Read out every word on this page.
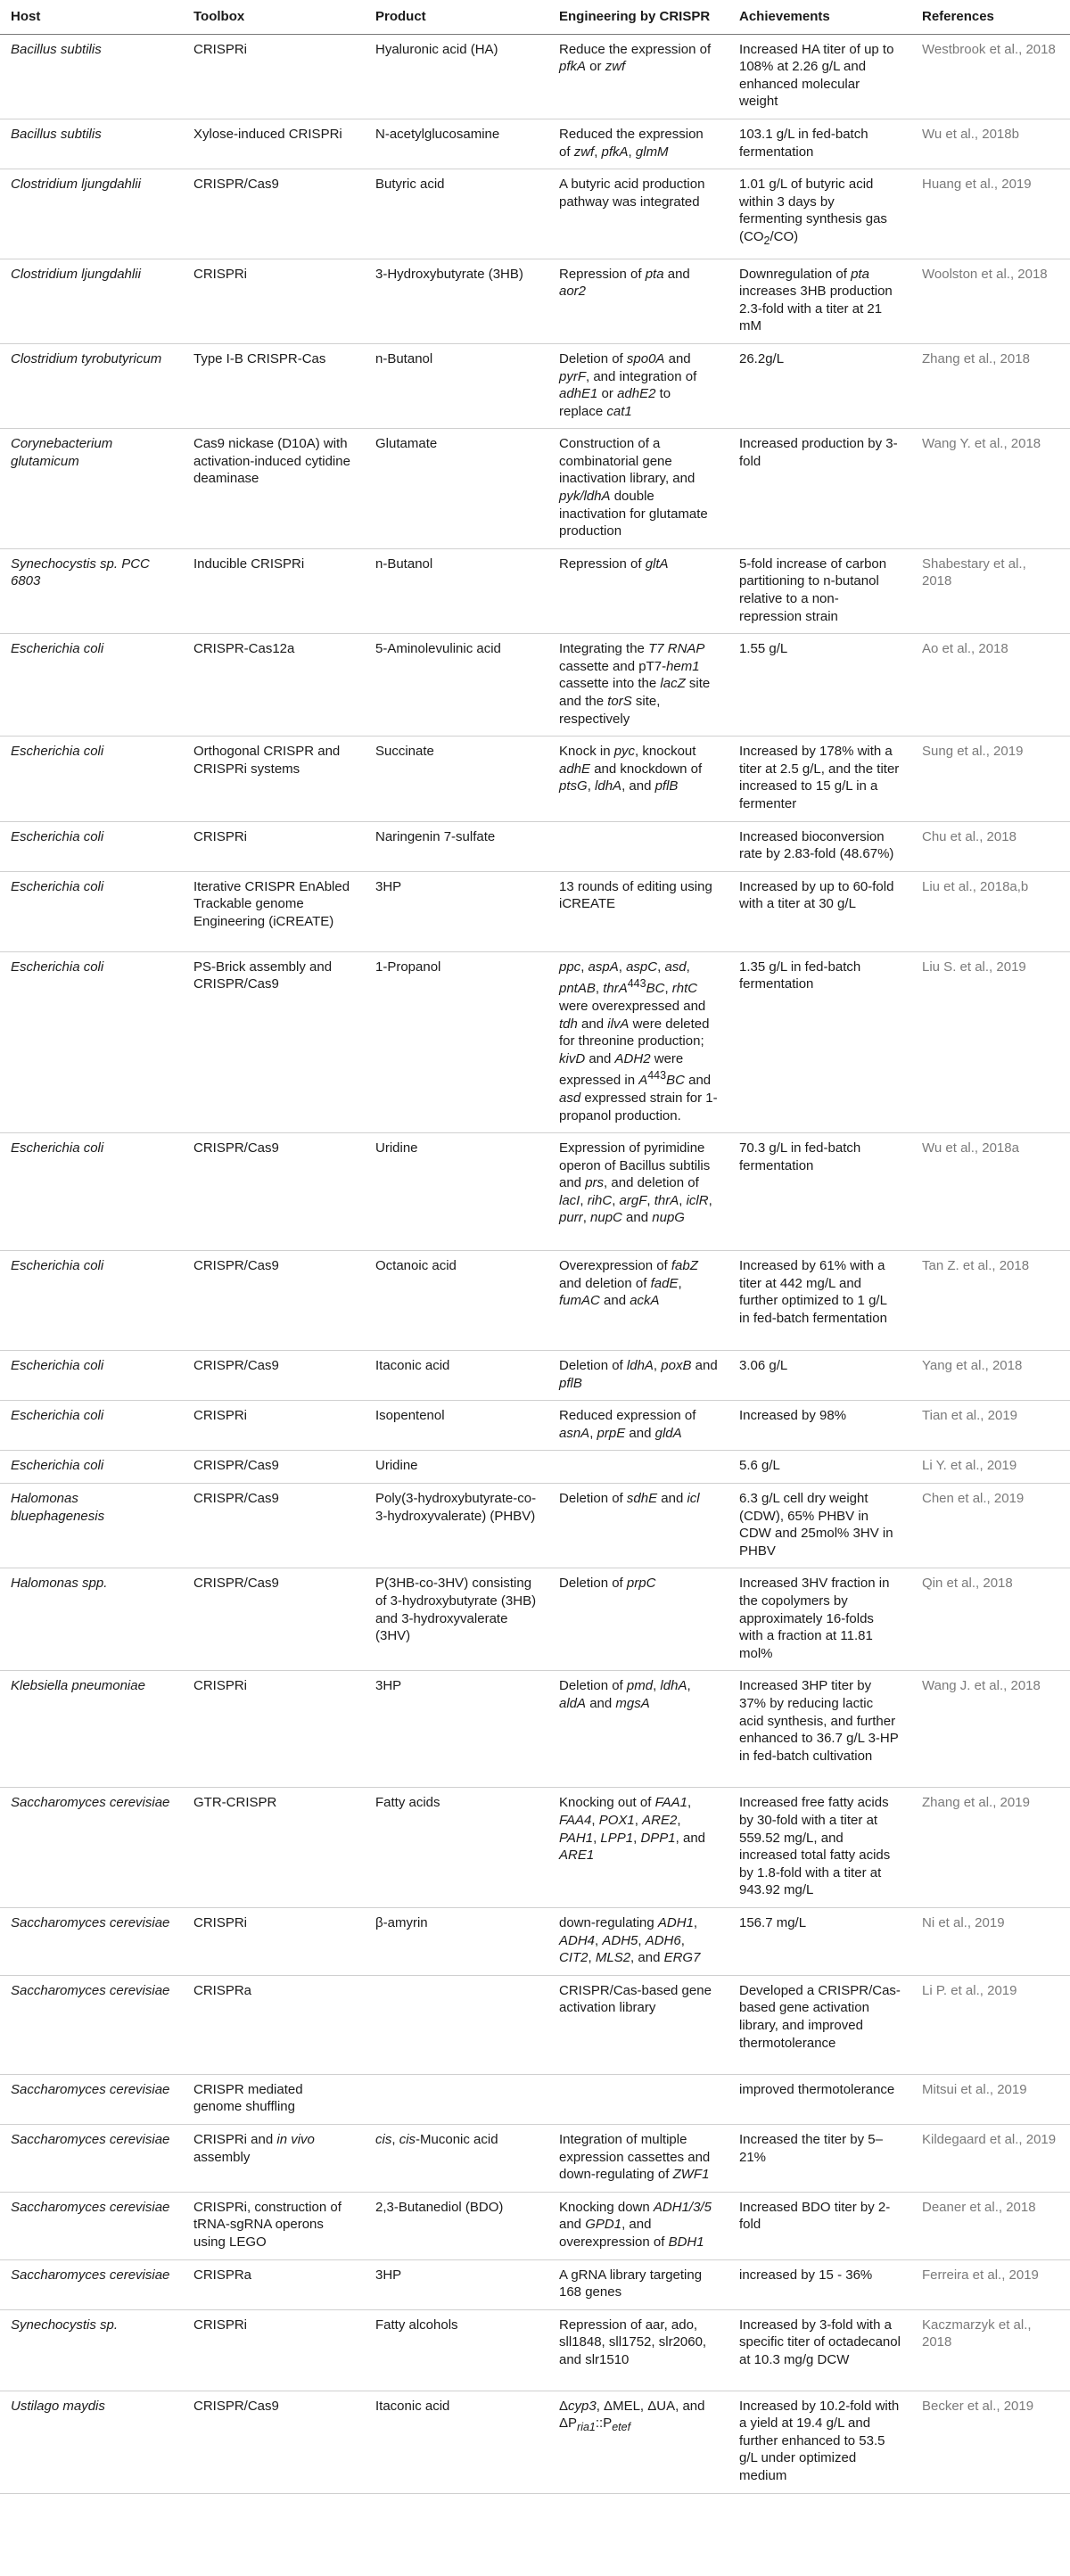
Host	Toolbox	Product	Engineering by CRISPR	Achievements	References
Bacillus subtilis	CRISPRi	Hyaluronic acid (HA)	Reduce the expression of pfkA or zwf	Increased HA titer of up to 108% at 2.26 g/L and enhanced molecular weight	Westbrook et al., 2018
Bacillus subtilis	Xylose-induced CRISPRi	N-acetylglucosamine	Reduced the expression of zwf, pfkA, glmM	103.1 g/L in fed-batch fermentation	Wu et al., 2018b
Clostridium ljungdahlii	CRISPR/Cas9	Butyric acid	A butyric acid production pathway was integrated	1.01 g/L of butyric acid within 3 days by fermenting synthesis gas $(CO_2/CO)$	Huang et al., 2019
Clostridium ljungdahlii	CRISPRi	3-Hydroxybutyrate (3HB)	Repression of pta and aor2	Downregulation of pta increases 3HB production 2.3-fold with a titer at 21 mM	Woolston et al., 2018
Clostridium tyrobutyricum	Type I-B CRISPR-Cas	n-Butanol	Deletion of spo0A and pyrF, and integration of adhE1 or adhE2 to replace cat1	26.2g/L	Zhang et al., 2018
Corynebacterium glutamicum	Cas9 nickase (D10A) with activation-induced cytidine deaminase	Glutamate	Construction of a combinatorial gene inactivation library, and pyk/ldhA double inactivation for glutamate production	Increased production by 3-fold	Wang Y. et al., 2018
Synechocystis sp. PCC 6803	Inducible CRISPRi	n-Butanol	Repression of gltA	5-fold increase of carbon partitioning to n-butanol relative to a non-repression strain	Shabestary et al., 2018
Escherichia coli	CRISPR-Cas12a	5-Aminolevulinic acid	Integrating the T7 RNAP cassette and pT7-hem1 cassette into the lacZ site and the torS site, respectively	1.55 g/L	Ao et al., 2018
Escherichia coli	Orthogonal CRISPR and CRISPRi systems	Succinate	Knock in pyc, knockout adhE and knockdown of ptsG, ldhA, and pflB	Increased by 178% with a titer at 2.5 g/L, and the titer increased to 15 g/L in a fermenter	Sung et al., 2019
Escherichia coli	CRISPRi	Naringenin 7-sulfate		Increased bioconversion rate by 2.83-fold (48.67%)	Chu et al., 2018
Escherichia coli	Iterative CRISPR EnAbled Trackable genome Engineering (iCREATE)	3HP	13 rounds of editing using iCREATE	Increased by up to 60-fold with a titer at 30 g/L	Liu et al., 2018a,b
Escherichia coli	PS-Brick assembly and CRISPR/Cas9	1-Propanol	ppc, aspA, aspC, asd, pntAB, thrA$^{443}$BC, rhtC were overexpressed and tdh and ilvA were deleted for threonine production; kivD and ADH2 were expressed in $A^{443}BC$ and asd expressed strain for 1-propanol production.	1.35 g/L in fed-batch fermentation	Liu S. et al., 2019
Escherichia coli	CRISPR/Cas9	Uridine	Expression of pyrimidine operon of Bacillus subtilis and prs, and deletion of lacI, rihC, argF, thrA, iclR, purr, nupC and nupG	70.3 g/L in fed-batch fermentation	Wu et al., 2018a
Escherichia coli	CRISPR/Cas9	Octanoic acid	Overexpression of fabZ and deletion of fadE, fumAC and ackA	Increased by 61% with a titer at 442 mg/L and further optimized to 1 g/L in fed-batch fermentation	Tan Z. et al., 2018
Escherichia coli	CRISPR/Cas9	Itaconic acid	Deletion of ldhA, poxB and pflB	3.06 g/L	Yang et al., 2018
Escherichia coli	CRISPRi	Isopentenol	Reduced expression of asnA, prpE and gldA	Increased by 98%	Tian et al., 2019
Escherichia coli	CRISPR/Cas9	Uridine		5.6 g/L	Li Y. et al., 2019
Halomonas bluephagenesis	CRISPR/Cas9	Poly(3-hydroxybutyrate-co-3-hydroxyvalerate) (PHBV)	Deletion of sdhE and icl	6.3 g/L cell dry weight (CDW), 65% PHBV in CDW and 25mol% 3HV in PHBV	Chen et al., 2019
Halomonas spp.	CRISPR/Cas9	P(3HB-co-3HV) consisting of 3-hydroxybutyrate (3HB) and 3-hydroxyvalerate (3HV)	Deletion of prpC	Increased 3HV fraction in the copolymers by approximately 16-folds with a fraction at 11.81 mol%	Qin et al., 2018
Klebsiella pneumoniae	CRISPRi	3HP	Deletion of pmd, ldhA, aldA and mgsA	Increased 3HP titer by 37% by reducing lactic acid synthesis, and further enhanced to 36.7 g/L 3-HP in fed-batch cultivation	Wang J. et al., 2018
Saccharomyces cerevisiae	GTR-CRISPR	Fatty acids	Knocking out of FAA1, FAA4, POX1, ARE2, PAH1, LPP1, DPP1, and ARE1	Increased free fatty acids by 30-fold with a titer at 559.52 mg/L, and increased total fatty acids by 1.8-fold with a titer at 943.92 mg/L	Zhang et al., 2019
Saccharomyces cerevisiae	CRISPRi	β-amyrin	down-regulating ADH1, ADH4, ADH5, ADH6, CIT2, MLS2, and ERG7	156.7 mg/L	Ni et al., 2019
Saccharomyces cerevisiae	CRISPRa		CRISPR/Cas-based gene activation library	Developed a CRISPR/Cas-based gene activation library, and improved thermotolerance	Li P. et al., 2019
Saccharomyces cerevisiae	CRISPR mediated genome shuffling			improved thermotolerance	Mitsui et al., 2019
Saccharomyces cerevisiae	CRISPRi and in vivo assembly	cis, cis-Muconic acid	Integration of multiple expression cassettes and down-regulating of ZWF1	Increased the titer by 5–21%	Kildegaard et al., 2019
Saccharomyces cerevisiae	CRISPRi, construction of tRNA-sgRNA operons using LEGO	2,3-Butanediol (BDO)	Knocking down ADH1/3/5 and GPD1, and overexpression of BDH1	Increased BDO titer by 2-fold	Deaner et al., 2018
Saccharomyces cerevisiae	CRISPRa	3HP	A gRNA library targeting 168 genes	increased by 15 - 36%	Ferreira et al., 2019
Synechocystis sp.	CRISPRi	Fatty alcohols	Repression of aar, ado, sll1848, sll1752, slr2060, and slr1510	Increased by 3-fold with a specific titer of octadecanol at 10.3 mg/g DCW	Kaczmarzyk et al., 2018
Ustilago maydis	CRISPR/Cas9	Itaconic acid	Δcyp3, ΔMEL, ΔUA, and $\Delta P_{ria1}::P_{etef}$	Increased by 10.2-fold with a yield at 19.4 g/L and further enhanced to 53.5 g/L under optimized medium	Becker et al., 2019
